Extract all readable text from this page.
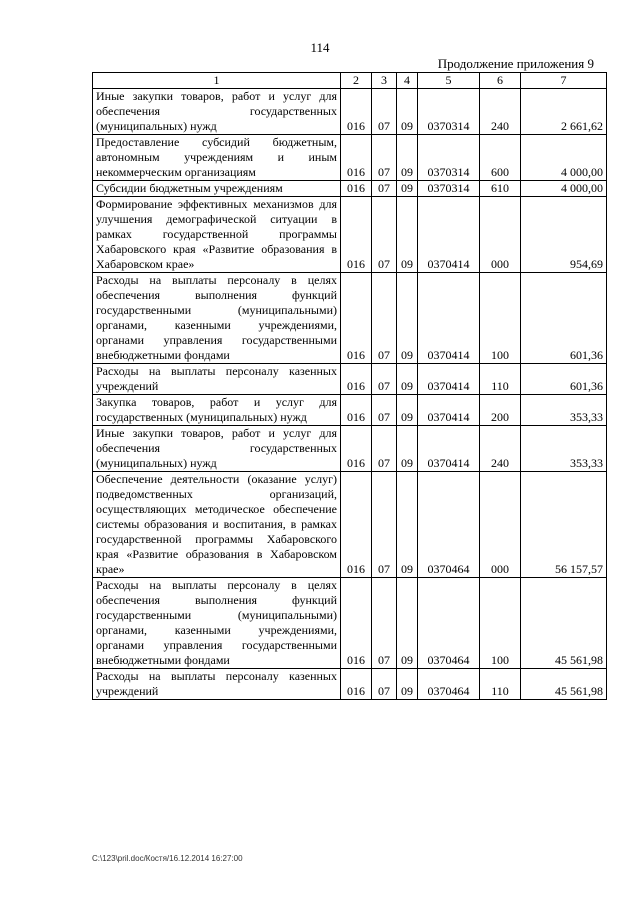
114
Продолжение приложения 9
1	2	3	4	5	6	7
Иные закупки товаров, работ и услуг для обеспечения государственных (муниципальных) нужд	016	07	09	0370314	240	2 661,62
Предоставление субсидий бюджетным, автономным учреждениям и иным некоммерческим организациям	016	07	09	0370314	600	4 000,00
Субсидии бюджетным учреждениям	016	07	09	0370314	610	4 000,00
Формирование эффективных механизмов для улучшения демографической ситуации в рамках государственной программы Хабаровского края «Развитие образования в Хабаровском крае»	016	07	09	0370414	000	954,69
Расходы на выплаты персоналу в целях обеспечения выполнения функций государственными (муниципальными) органами, казенными учреждениями, органами управления государственными внебюджетными фондами	016	07	09	0370414	100	601,36
Расходы на выплаты персоналу казенных учреждений	016	07	09	0370414	110	601,36
Закупка товаров, работ и услуг для государственных (муниципальных) нужд	016	07	09	0370414	200	353,33
Иные закупки товаров, работ и услуг для обеспечения государственных (муниципальных) нужд	016	07	09	0370414	240	353,33
Обеспечение деятельности (оказание услуг) подведомственных организаций, осуществляющих методическое обеспечение системы образования и воспитания, в рамках государственной программы Хабаровского края «Развитие образования в Хабаровском крае»	016	07	09	0370464	000	56 157,57
Расходы на выплаты персоналу в целях обеспечения выполнения функций государственными (муниципальными) органами, казенными учреждениями, органами управления государственными внебюджетными фондами	016	07	09	0370464	100	45 561,98
Расходы на выплаты персоналу казенных учреждений	016	07	09	0370464	110	45 561,98
C:\123\pril.doc/Костя/16.12.2014 16:27:00
